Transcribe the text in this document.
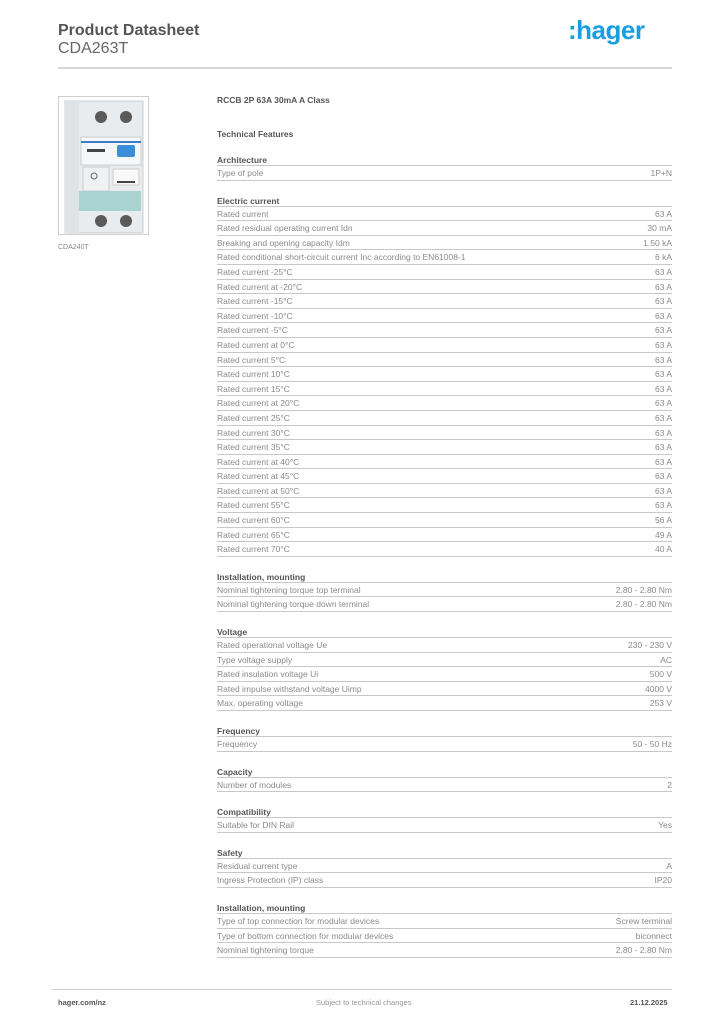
Product Datasheet
CDA263T
:hager
CDA240T
RCCB 2P 63A 30mA A Class
Technical Features
Architecture
Type of pole	1P+N
Electric current
Rated current	63 A
Rated residual operating current Idn	30 mA
Breaking and opening capacity Idm	1.50 kA
Rated conditional short-circuit current Inc according to EN61008-1	6 kA
Rated current -25°C	63 A
Rated current at -20°C	63 A
Rated current -15°C	63 A
Rated current -10°C	63 A
Rated current -5°C	63 A
Rated current at 0°C	63 A
Rated current 5°C	63 A
Rated current 10°C	63 A
Rated current 15°C	63 A
Rated current at 20°C	63 A
Rated current 25°C	63 A
Rated current 30°C	63 A
Rated current 35°C	63 A
Rated current at 40°C	63 A
Rated current at 45°C	63 A
Rated current at 50°C	63 A
Rated current 55°C	63 A
Rated current 60°C	56 A
Rated current 65°C	49 A
Rated current 70°C	40 A
Installation, mounting
Nominal tightening torque top terminal	2.80 - 2.80 Nm
Nominal tightening torque down terminal	2.80 - 2.80 Nm
Voltage
Rated operational voltage Ue	230 - 230 V
Type voltage supply	AC
Rated insulation voltage Ui	500 V
Rated impulse withstand voltage Uimp	4000 V
Max. operating voltage	253 V
Frequency
Frequency	50 - 50 Hz
Capacity
Number of modules	2
Compatibility
Suitable for DIN Rail	Yes
Safety
Residual current type	A
Ingress Protection (IP) class	IP20
Installation, mounting
Type of top connection for modular devices	Screw terminal
Type of bottom connection for modular devices	biconnect
Nominal tightening torque	2.80 - 2.80 Nm
hager.com/nz	Subject to technical changes	21.12.2025
